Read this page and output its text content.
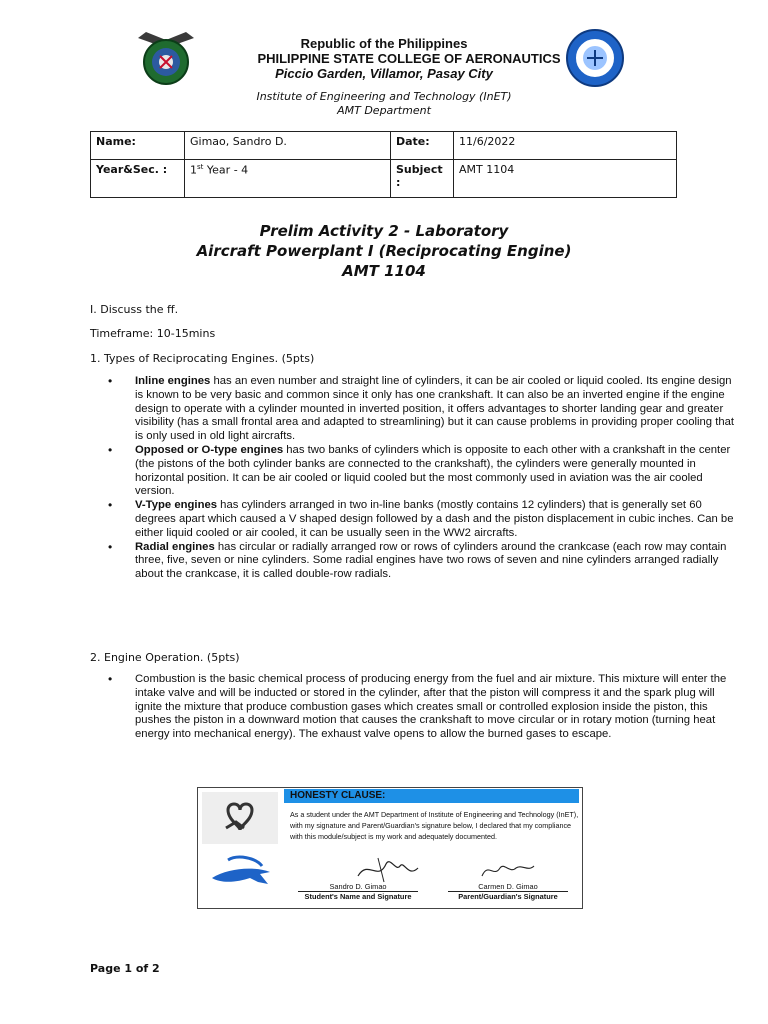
Republic of the Philippines
PHILIPPINE STATE COLLEGE OF AERONAUTICS
Piccio Garden, Villamor, Pasay City
Institute of Engineering and Technology (InET)
AMT Department
Name:	Gimao, Sandro D.	Date:	11/6/2022
Year&Sec. :	1st Year - 4	Subject :	AMT 1104
Prelim Activity 2 - Laboratory
Aircraft Powerplant I (Reciprocating Engine)
AMT 1104
I. Discuss the ff.
Timeframe: 10-15mins
1. Types of Reciprocating Engines. (5pts)
• Inline engines has an even number and straight line of cylinders, it can be air cooled or liquid cooled. Its engine design is known to be very basic and common since it only has one crankshaft. It can also be an inverted engine if the engine design to operate with a cylinder mounted in inverted position, it offers advantages to shorter landing gear and greater visibility (has a small frontal area and adapted to streamlining) but it can cause problems in providing proper cooling that is only used in old light aircrafts.
• Opposed or O-type engines has two banks of cylinders which is opposite to each other with a crankshaft in the center (the pistons of the both cylinder banks are connected to the crankshaft), the cylinders were generally mounted in horizontal position. It can be air cooled or liquid cooled but the most commonly used in aviation was the air cooled version.
• V-Type engines has cylinders arranged in two in-line banks (mostly contains 12 cylinders) that is generally set 60 degrees apart which caused a V shaped design followed by a dash and the piston displacement in cubic inches. Can be either liquid cooled or air cooled, it can be usually seen in the WW2 aircrafts.
• Radial engines has circular or radially arranged row or rows of cylinders around the crankcase (each row may contain three, five, seven or nine cylinders. Some radial engines have two rows of seven and nine cylinders arranged radially about the crankcase, it is called double-row radials.
2. Engine Operation. (5pts)
• Combustion is the basic chemical process of producing energy from the fuel and air mixture. This mixture will enter the intake valve and will be inducted or stored in the cylinder, after that the piston will compress it and the spark plug will ignite the mixture that produce combustion gases which creates small or controlled explosion inside the piston, this pushes the piston in a downward motion that causes the crankshaft to move circular or in rotary motion (turning heat energy into mechanical energy). The exhaust valve opens to allow the burned gases to escape.
HONESTY CLAUSE:
As a student under the AMT Department of Institute of Engineering and Technology (InET), with my signature and Parent/Guardian's signature below, I declared that my compliance with this module/subject is my work and adequately documented.
Sandro D. Gimao
Student's Name and Signature
Carmen D. Gimao
Parent/Guardian's Signature
Page 1 of 2
